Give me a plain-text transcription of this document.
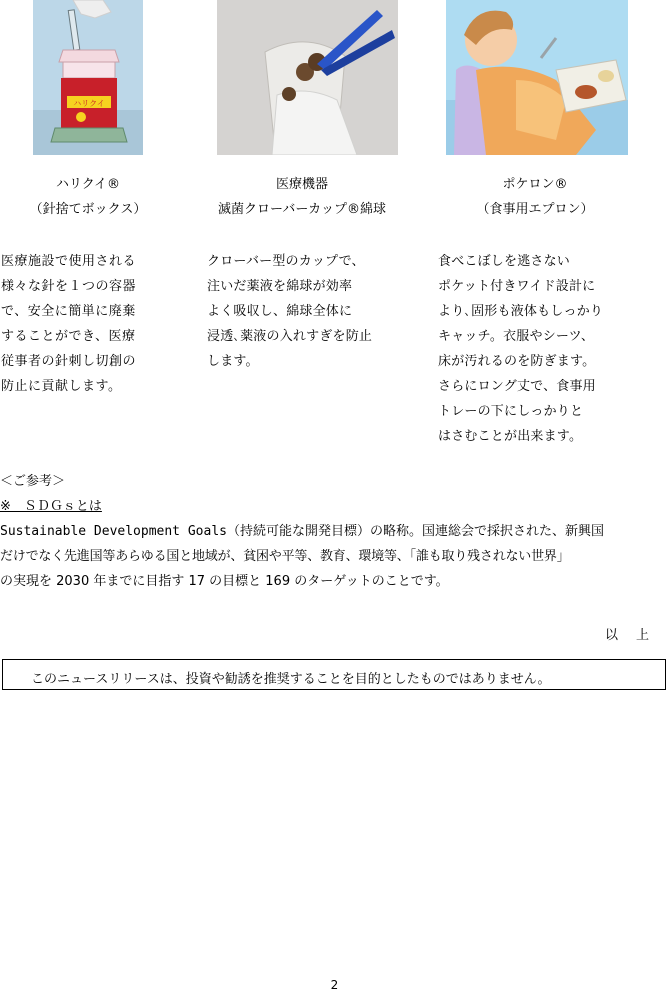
ハリクイ
ハリクイ®
（針捨てボックス）
医療機器
滅菌クローバーカップ®綿球
ポケロン®
（食事用エプロン）
医療施設で使用される
様々な針を１つの容器
で、安全に簡単に廃棄
することができ、医療
従事者の針刺し切創の
防止に貢献します。
クローバー型のカップで、
注いだ薬液を綿球が効率
よく吸収し、綿球全体に
浸透､薬液の入れすぎを防止
します。
食べこぼしを逃さない
ポケット付きワイド設計に
より､固形も液体もしっかり
キャッチ。衣服やシーツ、
床が汚れるのを防ぎます。
さらにロング丈で、食事用
トレーの下にしっかりと
はさむことが出来ます。
＜ご参考＞
※　ＳＤＧｓとは
Sustainable Development Goals（持続可能な開発目標）の略称。国連総会で採択された、新興国
だけでなく先進国等あらゆる国と地域が、貧困や平等、教育、環境等、「誰も取り残されない世界」
の実現を 2030 年までに目指す 17 の目標と 169 のターゲットのことです。
以上
このニュースリリースは、投資や勧誘を推奨することを目的としたものではありません。
2
